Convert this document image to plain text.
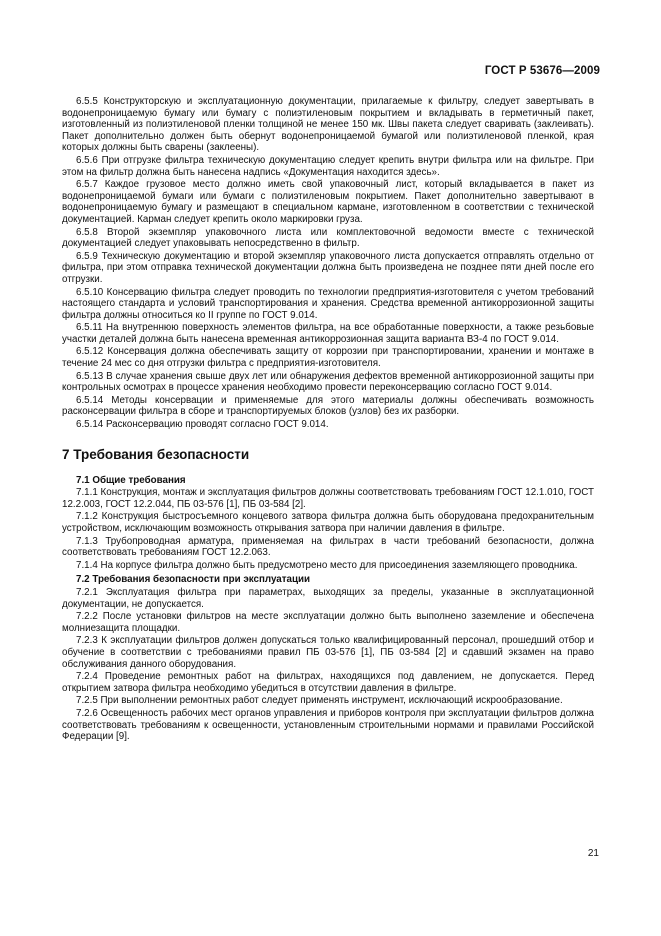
ГОСТ Р 53676—2009

6.5.5 Конструкторскую и эксплуатационную документации, прилагаемые к фильтру, следует завертывать в водонепроницаемую бумагу или бумагу с полиэтиленовым покрытием и вкладывать в герметичный пакет, изготовленный из полиэтиленовой пленки толщиной не менее 150 мк. Швы пакета следует сваривать (заклеивать). Пакет дополнительно должен быть обернут водонепроницаемой бумагой или полиэтиленовой пленкой, края которых должны быть сварены (заклеены).

6.5.6 При отгрузке фильтра техническую документацию следует крепить внутри фильтра или на фильтре. При этом на фильтр должна быть нанесена надпись «Документация находится здесь».

6.5.7 Каждое грузовое место должно иметь свой упаковочный лист, который вкладывается в пакет из водонепроницаемой бумаги или бумаги с полиэтиленовым покрытием. Пакет дополнительно завертывают в водонепроницаемую бумагу и размещают в специальном кармане, изготовленном в соответствии с технической документацией. Карман следует крепить около маркировки груза.

6.5.8 Второй экземпляр упаковочного листа или комплектовочной ведомости вместе с технической документацией следует упаковывать непосредственно в фильтр.

6.5.9 Техническую документацию и второй экземпляр упаковочного листа допускается отправлять отдельно от фильтра, при этом отправка технической документации должна быть произведена не позднее пяти дней после его отгрузки.

6.5.10 Консервацию фильтра следует проводить по технологии предприятия-изготовителя с учетом требований настоящего стандарта и условий транспортирования и хранения. Средства временной антикоррозионной защиты фильтра должны относиться ко II группе по ГОСТ 9.014.

6.5.11 На внутреннюю поверхность элементов фильтра, на все обработанные поверхности, а также резьбовые участки деталей должна быть нанесена временная антикоррозионная защита варианта ВЗ-4 по ГОСТ 9.014.

6.5.12 Консервация должна обеспечивать защиту от коррозии при транспортировании, хранении и монтаже в течение 24 мес со дня отгрузки фильтра с предприятия-изготовителя.

6.5.13 В случае хранения свыше двух лет или обнаружения дефектов временной антикоррозионной защиты при контрольных осмотрах в процессе хранения необходимо провести переконсервацию согласно ГОСТ 9.014.

6.5.14 Методы консервации и применяемые для этого материалы должны обеспечивать возможность расконсервации фильтра в сборе и транспортируемых блоков (узлов) без их разборки.

6.5.14 Расконсервацию проводят согласно ГОСТ 9.014.

7 Требования безопасности

7.1 Общие требования

7.1.1 Конструкция, монтаж и эксплуатация фильтров должны соответствовать требованиям ГОСТ 12.1.010, ГОСТ 12.2.003, ГОСТ 12.2.044, ПБ 03-576 [1], ПБ 03-584 [2].

7.1.2 Конструкция быстросъемного концевого затвора фильтра должна быть оборудована предохранительным устройством, исключающим возможность открывания затвора при наличии давления в фильтре.

7.1.3 Трубопроводная арматура, применяемая на фильтрах в части требований безопасности, должна соответствовать требованиям ГОСТ 12.2.063.

7.1.4 На корпусе фильтра должно быть предусмотрено место для присоединения заземляющего проводника.

7.2 Требования безопасности при эксплуатации

7.2.1 Эксплуатация фильтра при параметрах, выходящих за пределы, указанные в эксплуатационной документации, не допускается.

7.2.2 После установки фильтров на месте эксплуатации должно быть выполнено заземление и обеспечена молниезащита площадки.

7.2.3 К эксплуатации фильтров должен допускаться только квалифицированный персонал, прошедший отбор и обучение в соответствии с требованиями правил ПБ 03-576 [1], ПБ 03-584 [2] и сдавший экзамен на право обслуживания данного оборудования.

7.2.4 Проведение ремонтных работ на фильтрах, находящихся под давлением, не допускается. Перед открытием затвора фильтра необходимо убедиться в отсутствии давления в фильтре.

7.2.5 При выполнении ремонтных работ следует применять инструмент, исключающий искрообразование.

7.2.6 Освещенность рабочих мест органов управления и приборов контроля при эксплуатации фильтров должна соответствовать требованиям к освещенности, установленным строительными нормами и правилами Российской Федерации [9].

21
